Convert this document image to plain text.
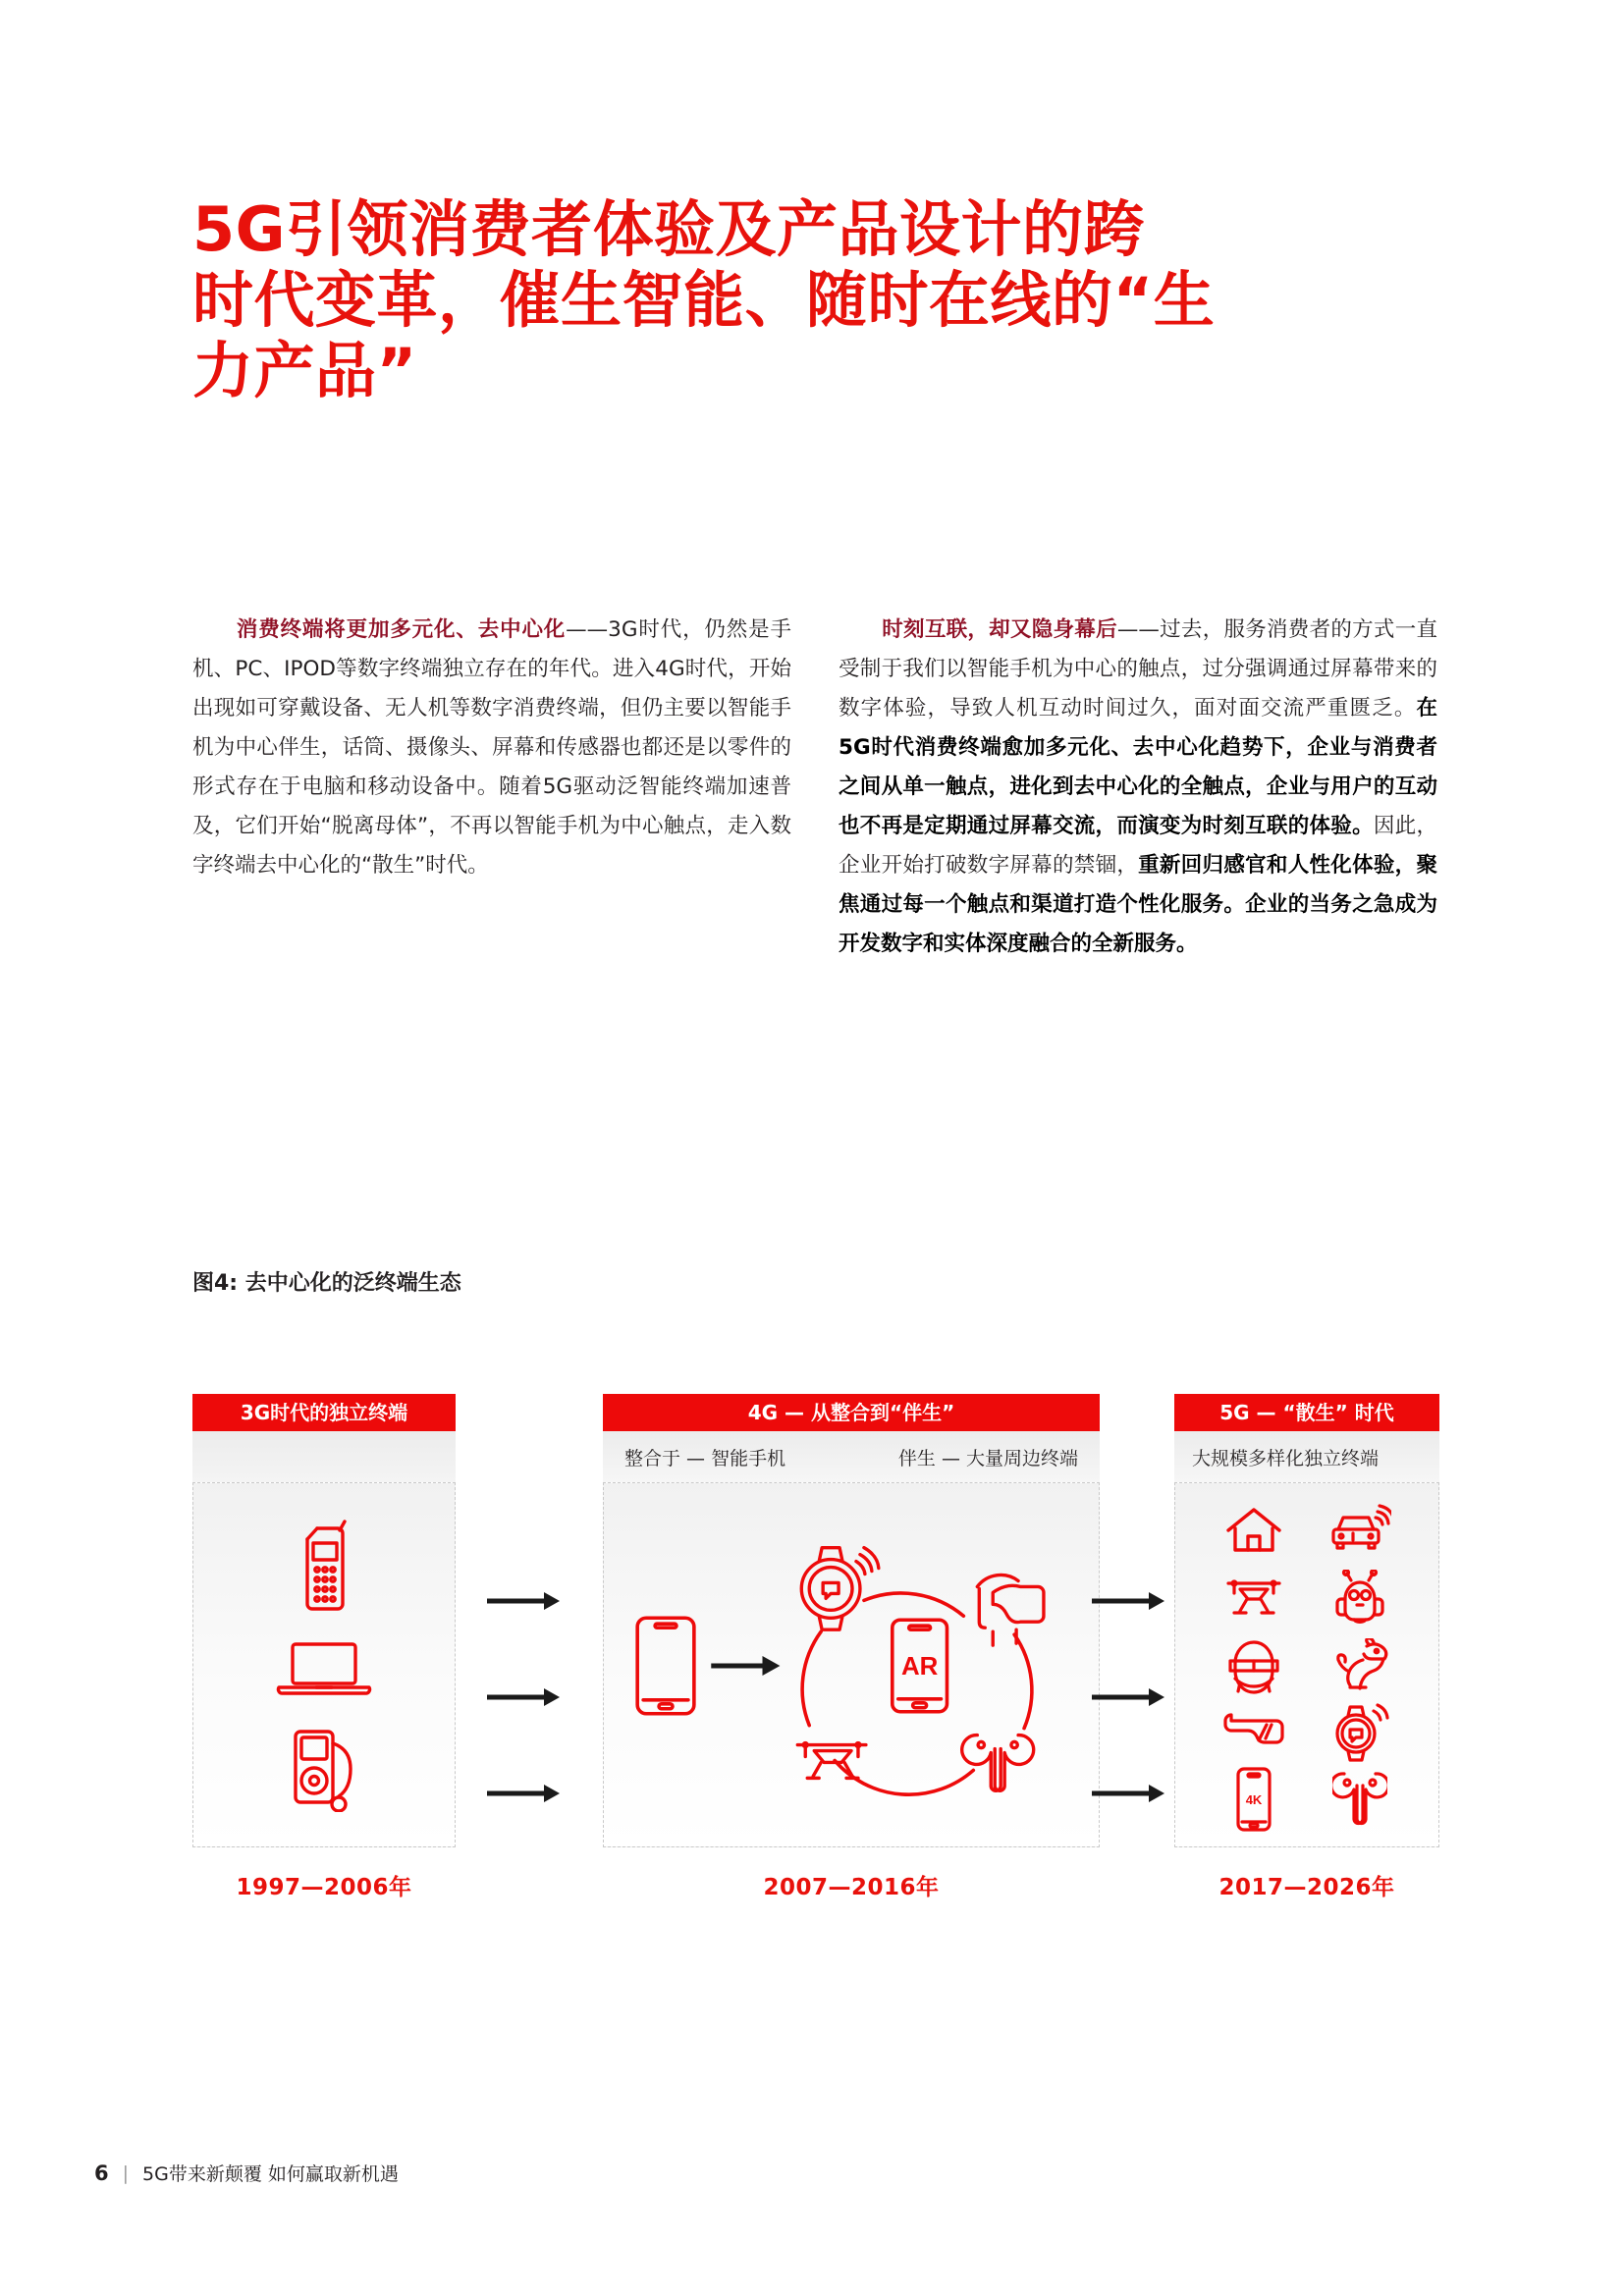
5G引领消费者体验及产品设计的跨
时代变革，催生智能、随时在线的“生
力产品”

消费终端将更加多元化、去中心化——3G时代，仍然是手机、PC、IPOD等数字终端独立存在的年代。进入4G时代，开始出现如可穿戴设备、无人机等数字消费终端，但仍主要以智能手机为中心伴生，话筒、摄像头、屏幕和传感器也都还是以零件的形式存在于电脑和移动设备中。随着5G驱动泛智能终端加速普及，它们开始“脱离母体”，不再以智能手机为中心触点，走入数字终端去中心化的“散生”时代。

时刻互联，却又隐身幕后——过去，服务消费者的方式一直受制于我们以智能手机为中心的触点，过分强调通过屏幕带来的数字体验，导致人机互动时间过久，面对面交流严重匮乏。在5G时代消费终端愈加多元化、去中心化趋势下，企业与消费者之间从单一触点，进化到去中心化的全触点，企业与用户的互动也不再是定期通过屏幕交流，而演变为时刻互联的体验。因此，企业开始打破数字屏幕的禁锢，重新回归感官和人性化体验，聚焦通过每一个触点和渠道打造个性化服务。企业的当务之急成为开发数字和实体深度融合的全新服务。

图4: 去中心化的泛终端生态
3G时代的独立终端
1997—2006年
4G — 从整合到“伴生”
整合于 — 智能手机	伴生 — 大量周边终端
AR
2007—2016年
5G — “散生” 时代
大规模多样化独立终端
4K
2017—2026年
6 | 5G带来新颠覆 如何赢取新机遇
